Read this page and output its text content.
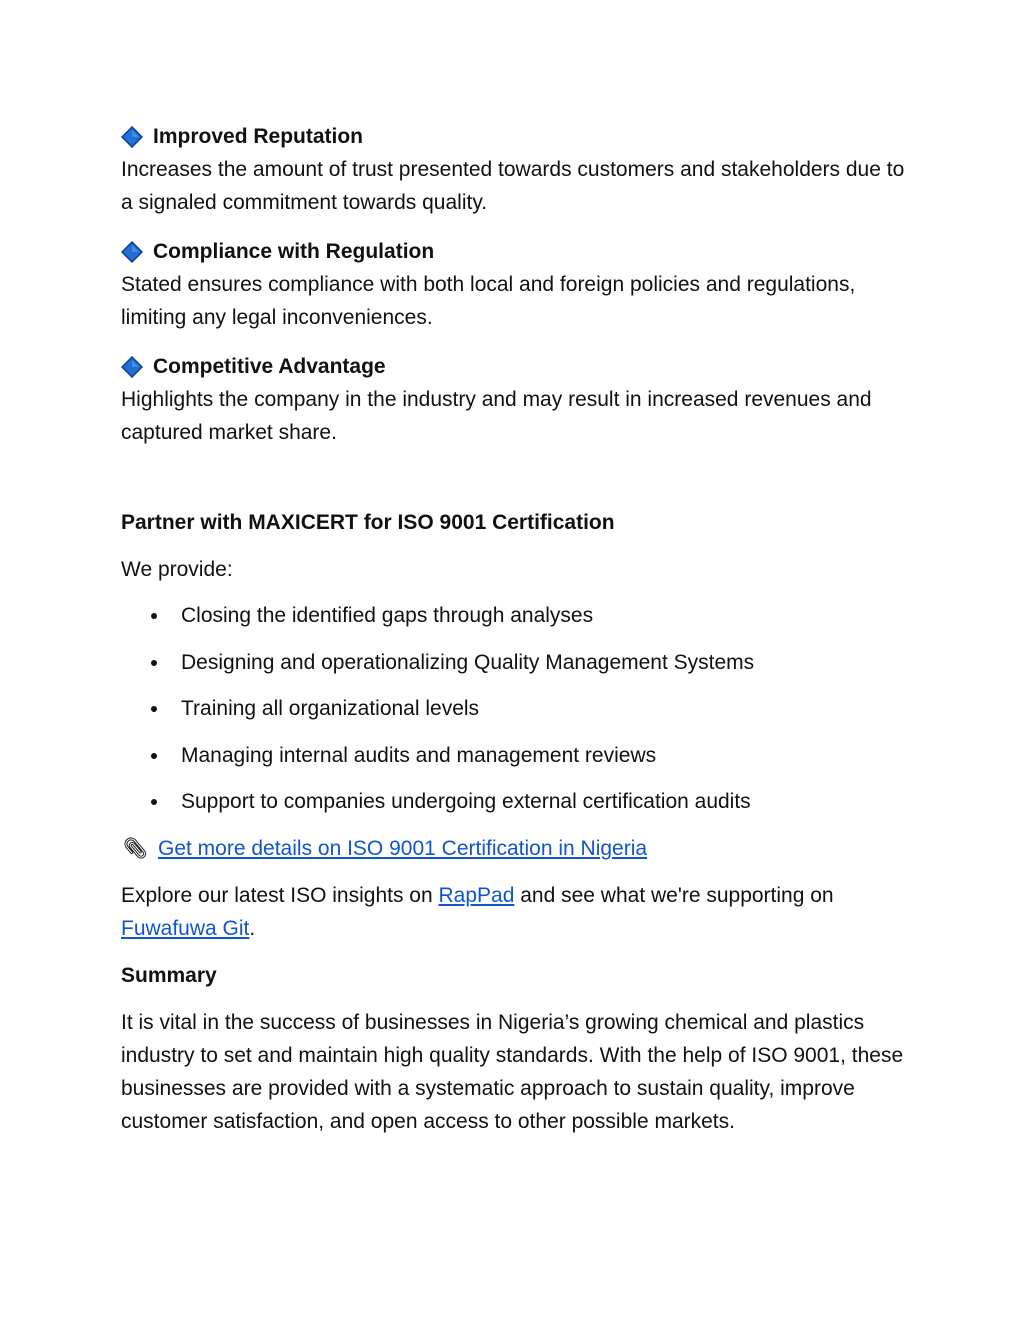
Improved Reputation

Increases the amount of trust presented towards customers and stakeholders due to a signaled commitment towards quality.

Compliance with Regulation

Stated ensures compliance with both local and foreign policies and regulations, limiting any legal inconveniences.

Competitive Advantage

Highlights the company in the industry and may result in increased revenues and captured market share.

Partner with MAXICERT for ISO 9001 Certification

We provide:

Closing the identified gaps through analyses
Designing and operationalizing Quality Management Systems
Training all organizational levels
Managing internal audits and management reviews
Support to companies undergoing external certification audits
Get more details on ISO 9001 Certification in Nigeria

Explore our latest ISO insights on RapPad and see what we're supporting on Fuwafuwa Git.

Summary

It is vital in the success of businesses in Nigeria’s growing chemical and plastics industry to set and maintain high quality standards. With the help of ISO 9001, these businesses are provided with a systematic approach to sustain quality, improve customer satisfaction, and open access to other possible markets.
